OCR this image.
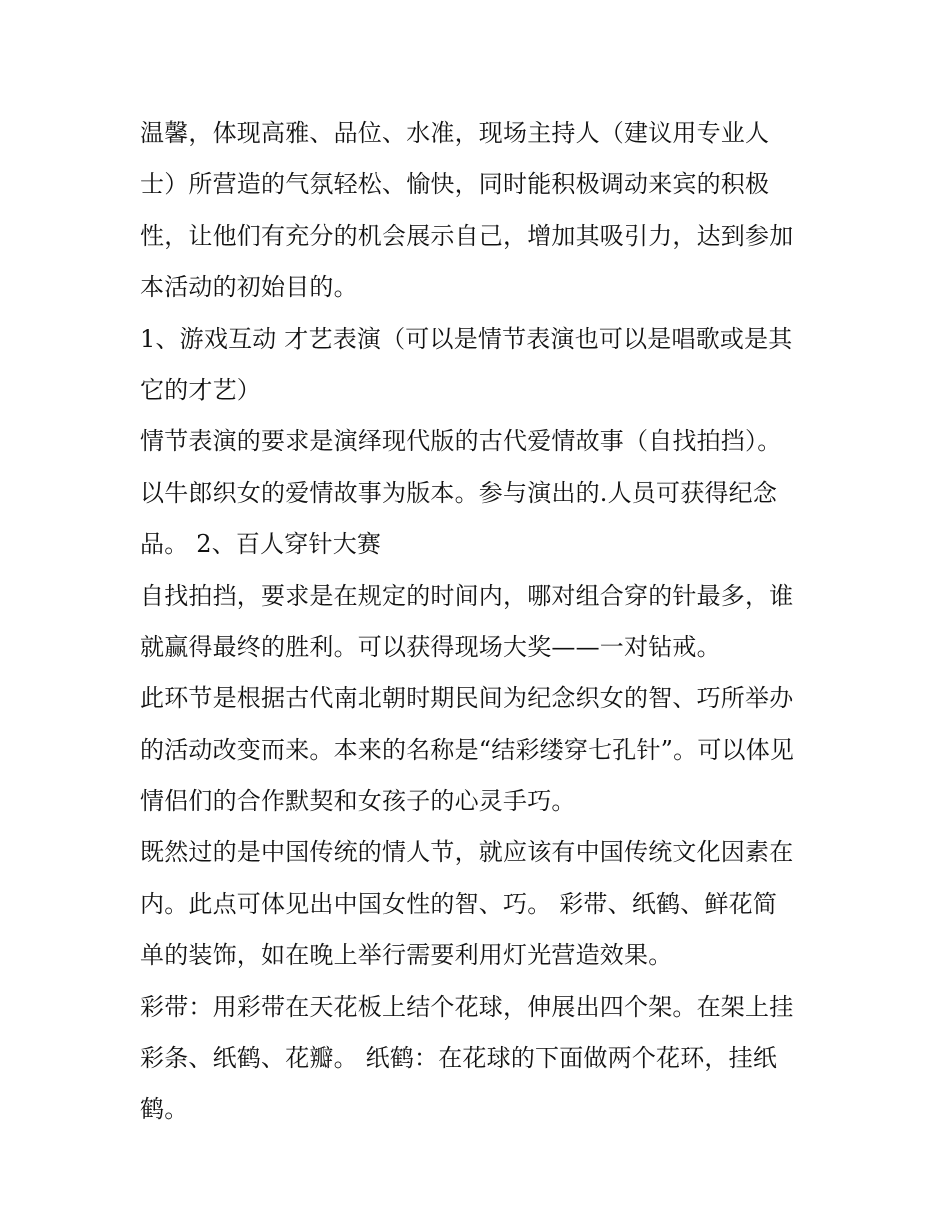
温馨，体现高雅、品位、水准，现场主持人（建议用专业人
士）所营造的气氛轻松、愉快，同时能积极调动来宾的积极
性，让他们有充分的机会展示自己，增加其吸引力，达到参加
本活动的初始目的。
1、游戏互动 才艺表演（可以是情节表演也可以是唱歌或是其
它的才艺）
情节表演的要求是演绎现代版的古代爱情故事（自找拍挡）。
以牛郎织女的爱情故事为版本。参与演出的.人员可获得纪念
品。 2、百人穿针大赛
自找拍挡，要求是在规定的时间内，哪对组合穿的针最多，谁
就赢得最终的胜利。可以获得现场大奖——一对钻戒。
此环节是根据古代南北朝时期民间为纪念织女的智、巧所举办
的活动改变而来。本来的名称是“结彩缕穿七孔针”。可以体见
情侣们的合作默契和女孩子的心灵手巧。
既然过的是中国传统的情人节，就应该有中国传统文化因素在
内。此点可体见出中国女性的智、巧。 彩带、纸鹤、鲜花简
单的装饰，如在晚上举行需要利用灯光营造效果。
彩带：用彩带在天花板上结个花球，伸展出四个架。在架上挂
彩条、纸鹤、花瓣。 纸鹤：在花球的下面做两个花环，挂纸
鹤。
